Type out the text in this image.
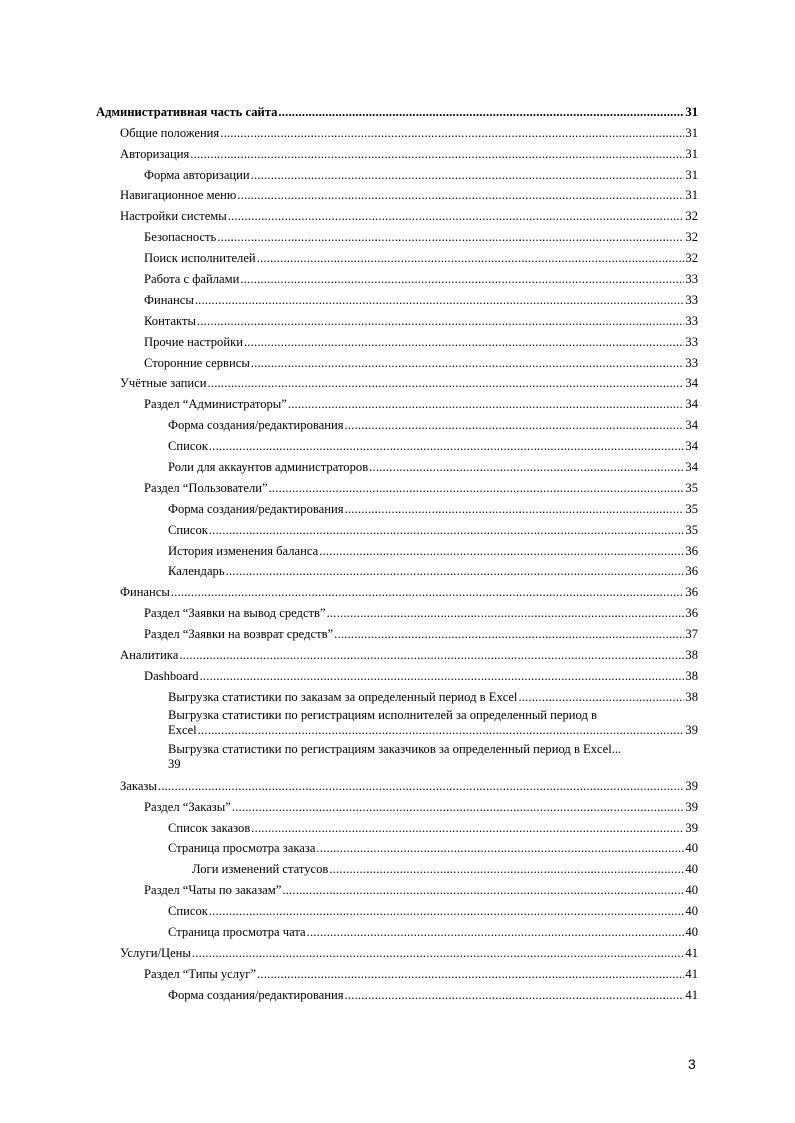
Административная часть сайта .....	31
Общие положения .....	31
Авторизация .....	31
Форма авторизации .....	31
Навигационное меню .....	31
Настройки системы .....	32
Безопасность .....	32
Поиск исполнителей .....	32
Работа с файлами .....	33
Финансы .....	33
Контакты .....	33
Прочие настройки .....	33
Сторонние сервисы .....	33
Учётные записи .....	34
Раздел “Администраторы” .....	34
Форма создания/редактирования .....	34
Список .....	34
Роли для аккаунтов администраторов .....	34
Раздел “Пользователи” .....	35
Форма создания/редактирования .....	35
Список .....	35
История изменения баланса .....	36
Календарь .....	36
Финансы .....	36
Раздел “Заявки на вывод средств” .....	36
Раздел “Заявки на возврат средств” .....	37
Аналитика .....	38
Dashboard .....	38
Выгрузка статистики по заказам за определенный период в Excel .....	38
Выгрузка статистики по регистрациям исполнителей за определенный период в
Excel .....	39
Выгрузка статистики по регистрациям заказчиков за определенный период в Excel...
39
Заказы .....	39
Раздел “Заказы” .....	39
Список заказов .....	39
Страница просмотра заказа .....	40
Логи изменений статусов .....	40
Раздел “Чаты по заказам” .....	40
Список .....	40
Страница просмотра чата .....	40
Услуги/Цены .....	41
Раздел “Типы услуг” .....	41
Форма создания/редактирования .....	41
3
